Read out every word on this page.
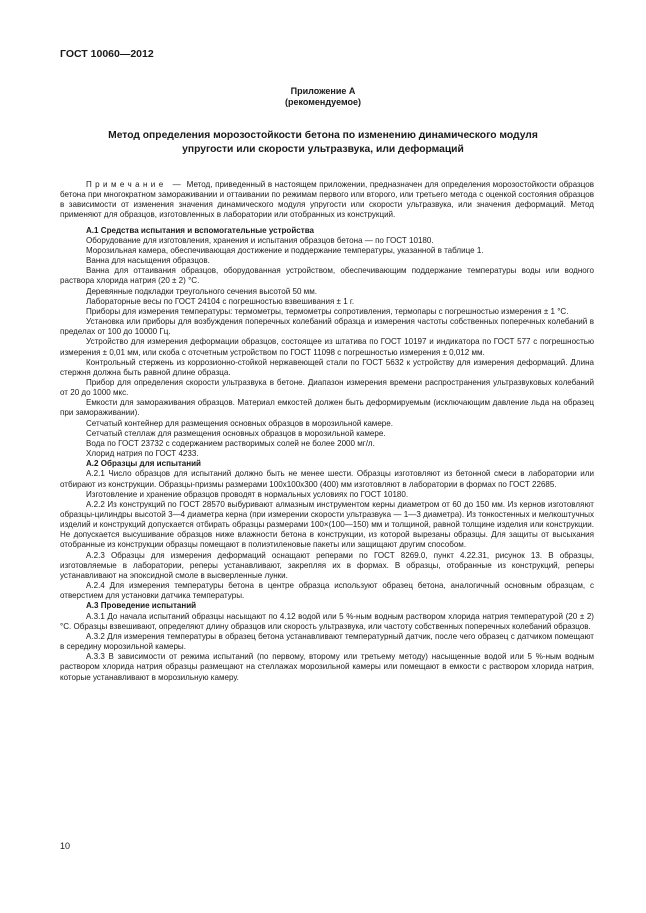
ГОСТ 10060—2012
Приложение А
(рекомендуемое)
Метод определения морозостойкости бетона по изменению динамического модуля упругости или скорости ультразвука, или деформаций

Примечание — Метод, приведенный в настоящем приложении, предназначен для определения морозостойкости образцов бетона при многократном замораживании и оттаивании по режимам первого или второго, или третьего метода с оценкой состояния образцов в зависимости от изменения значения динамического модуля упругости или скорости ультразвука, или значения деформаций. Метод применяют для образцов, изготовленных в лаборатории или отобранных из конструкций.

А.1 Средства испытания и вспомогательные устройства

Оборудование для изготовления, хранения и испытания образцов бетона — по ГОСТ 10180.

Морозильная камера, обеспечивающая достижение и поддержание температуры, указанной в таблице 1.

Ванна для насыщения образцов.

Ванна для оттаивания образцов, оборудованная устройством, обеспечивающим поддержание температуры воды или водного раствора хлорида натрия (20 ± 2) °С.

Деревянные подкладки треугольного сечения высотой 50 мм.

Лабораторные весы по ГОСТ 24104 с погрешностью взвешивания ± 1 г.

Приборы для измерения температуры: термометры, термометры сопротивления, термопары с погрешностью измерения ± 1 °С.

Установка или приборы для возбуждения поперечных колебаний образца и измерения частоты собственных поперечных колебаний в пределах от 100 до 10000 Гц.

Устройство для измерения деформации образцов, состоящее из штатива по ГОСТ 10197 и индикатора по ГОСТ 577 с погрешностью измерения ± 0,01 мм, или скоба с отсчетным устройством по ГОСТ 11098 с погрешностью измерения ± 0,012 мм.

Контрольный стержень из коррозионно-стойкой нержавеющей стали по ГОСТ 5632 к устройству для измерения деформаций. Длина стержня должна быть равной длине образца.

Прибор для определения скорости ультразвука в бетоне. Диапазон измерения времени распространения ультразвуковых колебаний от 20 до 1000 мкс.

Емкости для замораживания образцов. Материал емкостей должен быть деформируемым (исключающим давление льда на образец при замораживании).

Сетчатый контейнер для размещения основных образцов в морозильной камере.

Сетчатый стеллаж для размещения основных образцов в морозильной камере.

Вода по ГОСТ 23732 с содержанием растворимых солей не более 2000 мг/л.

Хлорид натрия по ГОСТ 4233.

А.2 Образцы для испытаний

А.2.1 Число образцов для испытаний должно быть не менее шести. Образцы изготовляют из бетонной смеси в лаборатории или отбирают из конструкции. Образцы-призмы размерами 100х100х300 (400) мм изготовляют в лаборатории в формах по ГОСТ 22685.

Изготовление и хранение образцов проводят в нормальных условиях по ГОСТ 10180.

А.2.2 Из конструкций по ГОСТ 28570 выбуривают алмазным инструментом керны диаметром от 60 до 150 мм. Из кернов изготовляют образцы-цилиндры высотой 3—4 диаметра керна (при измерении скорости ультразвука — 1—3 диаметра). Из тонкостенных и мелкоштучных изделий и конструкций допускается отбирать образцы размерами 100×(100—150) мм и толщиной, равной толщине изделия или конструкции. Не допускается высушивание образцов ниже влажности бетона в конструкции, из которой вырезаны образцы. Для защиты от высыхания отобранные из конструкции образцы помещают в полиэтиленовые пакеты или защищают другим способом.

А.2.3 Образцы для измерения деформаций оснащают реперами по ГОСТ 8269.0, пункт 4.22.31, рисунок 13. В образцы, изготовляемые в лаборатории, реперы устанавливают, закрепляя их в формах. В образцы, отобранные из конструкций, реперы устанавливают на эпоксидной смоле в высверленные лунки.

А.2.4 Для измерения температуры бетона в центре образца используют образец бетона, аналогичный основным образцам, с отверстием для установки датчика температуры.

А.3 Проведение испытаний

А.3.1 До начала испытаний образцы насыщают по 4.12 водой или 5 %-ным водным раствором хлорида натрия температурой (20 ± 2) °С. Образцы взвешивают, определяют длину образцов или скорость ультразвука, или частоту собственных поперечных колебаний образцов.

А.3.2 Для измерения температуры в образец бетона устанавливают температурный датчик, после чего образец с датчиком помещают в середину морозильной камеры.

А.3.3 В зависимости от режима испытаний (по первому, второму или третьему методу) насыщенные водой или 5 %-ным водным раствором хлорида натрия образцы размещают на стеллажах морозильной камеры или помещают в емкости с раствором хлорида натрия, которые устанавливают в морозильную камеру.

10
